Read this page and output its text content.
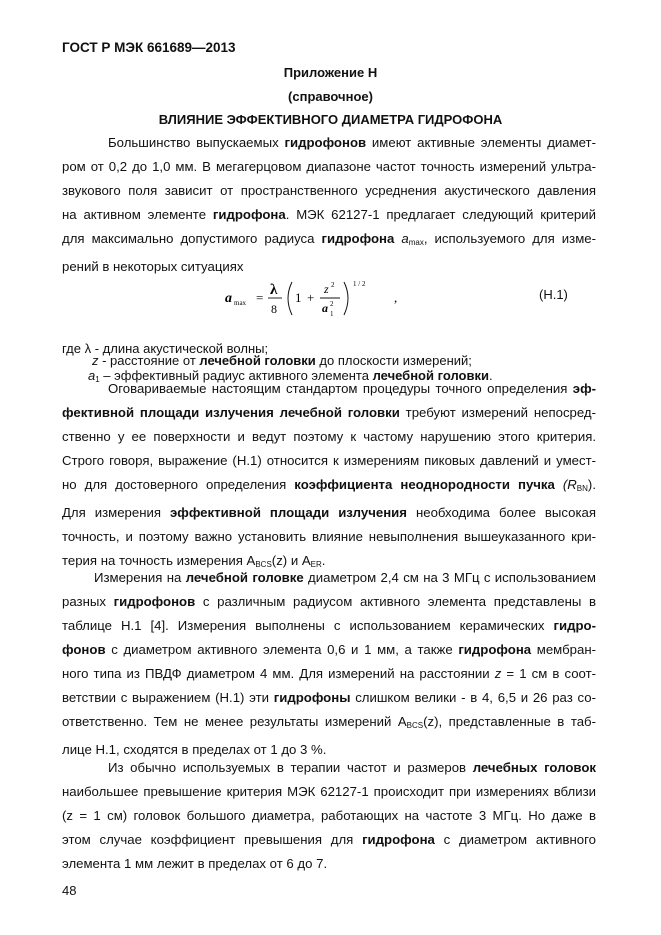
ГОСТ Р МЭК 661689—2013
Приложение Н
(справочное)
ВЛИЯНИЕ ЭФФЕКТИВНОГО ДИАМЕТРА ГИДРОФОНА
Большинство выпускаемых гидрофонов имеют активные элементы диамет-
ром от 0,2 до 1,0 мм. В мегагерцовом диапазоне частот точность измерений ультра-
звукового поля зависит от пространственного усреднения акустического давления
на активном элементе гидрофона. МЭК 62127-1 предлагает следующий критерий
для максимально допустимого радиуса гидрофона $a_{max}$, используемого для изме-
рений в некоторых ситуациях
a max = λ
8
1 +
z 2
a 2
1
1 / 2
,	(Н.1)
где λ - длина акустической волны;
z - расстояние от лечебной головки до плоскости измерений;
$a_1$ – эффективный радиус активного элемента лечебной головки.
Оговариваемые настоящим стандартом процедуры точного определения эф-
фективной площади излучения лечебной головки требуют измерений непосред-
ственно у ее поверхности и ведут поэтому к частому нарушению этого критерия.
Строго говоря, выражение (Н.1) относится к измерениям пиковых давлений и умест-
но для достоверного определения коэффициента неоднородности пучка $(R_{BN})$.
Для измерения эффективной площади излучения необходима более высокая
точность, и поэтому важно установить влияние невыполнения вышеуказанного кри-
терия на точность измерения $A_{BCS}(z)$ и $A_{ER}$.
Измерения на лечебной головке диаметром 2,4 см на 3 МГц с использованием
разных гидрофонов с различным радиусом активного элемента представлены в
таблице Н.1 [4]. Измерения выполнены с использованием керамических гидро-
фонов с диаметром активного элемента 0,6 и 1 мм, а также гидрофона мембран-
ного типа из ПВДФ диаметром 4 мм. Для измерений на расстоянии z = 1 см в соот-
ветствии с выражением (Н.1) эти гидрофоны слишком велики - в 4, 6,5 и 26 раз со-
ответственно. Тем не менее результаты измерений $A_{BCS}(z)$, представленные в таб-
лице Н.1, сходятся в пределах от 1 до 3 %.
Из обычно используемых в терапии частот и размеров лечебных головок
наибольшее превышение критерия МЭК 62127-1 происходит при измерениях вблизи
(z = 1 см) головок большого диаметра, работающих на частоте 3 МГц. Но даже в
этом случае коэффициент превышения для гидрофона с диаметром активного
элемента 1 мм лежит в пределах от 6 до 7.
48
